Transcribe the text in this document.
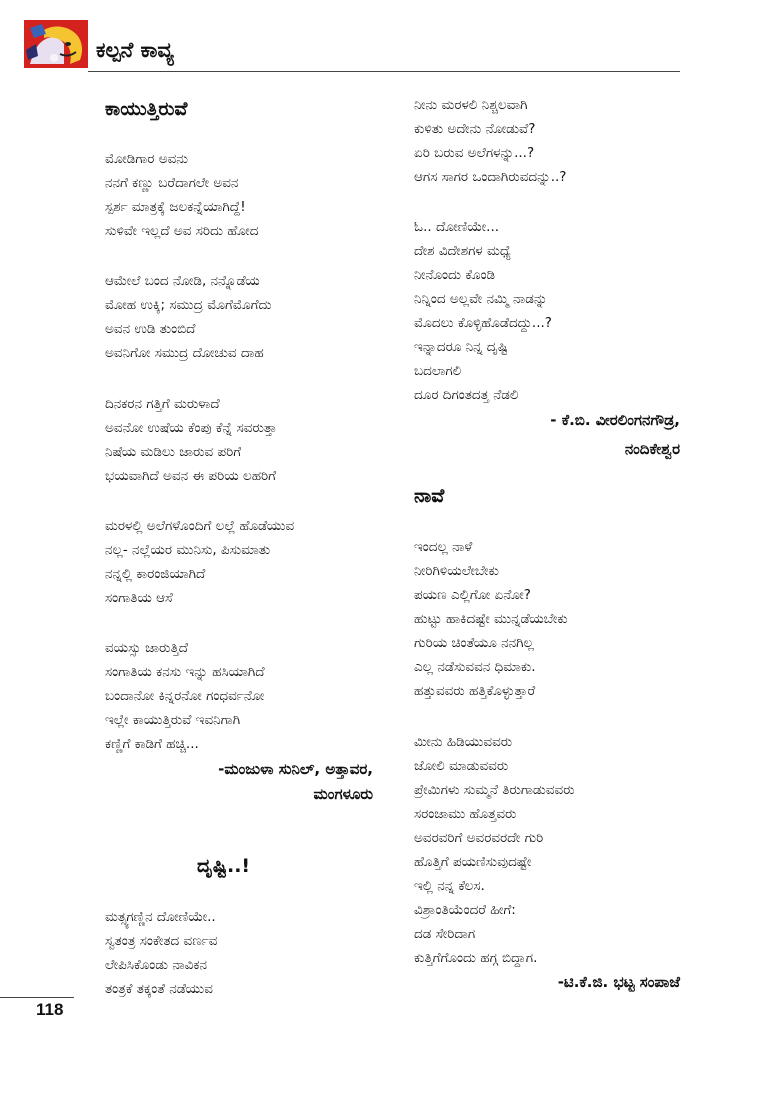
ಕಲ್ಪನೆ ಕಾವ್ಯ
ಕಾಯುತ್ತಿರುವೆ
ಮೋಡಿಗಾರ ಅವನು
ನನಗೆ ಕಣ್ಣು ಬರೆದಾಗಲೇ ಅವನ
ಸ್ಪರ್ಶ ಮಾತ್ರಕ್ಕೆ ಜಲಕನ್ನೆಯಾಗಿದ್ದೆ!
ಸುಳಿವೇ ಇಲ್ಲದೆ ಅವ ಸರಿದು ಹೋದ
ಆಮೇಲೆ ಬಂದ ನೋಡಿ, ನನ್ನೊಡೆಯ
ಮೋಹ ಉಕ್ಕಿ; ಸಮುದ್ರ ಮೊಗೆಮೊಗೆದು
ಅವನ ಉಡಿ ತುಂಬಿದೆ
ಅವನಿಗೋ ಸಮುದ್ರ ದೋಚುವ ದಾಹ
ದಿನಕರನ ಗತ್ತಿಗೆ ಮರುಳಾದೆ
ಅವನೋ ಉಷೆಯ ಕೆಂಪು ಕೆನ್ನೆ ಸವರುತ್ತಾ
ನಿಷೆಯ ಮಡಿಲು ಜಾರುವ ಪರಿಗೆ
ಭಯವಾಗಿದೆ ಅವನ ಈ ಪರಿಯ ಲಹರಿಗೆ
ಮರಳಲ್ಲಿ ಅಲೆಗಳೊಂದಿಗೆ ಲಲ್ಲೆ ಹೊಡೆಯುವ
ನಲ್ಲ- ನಲ್ಲೆಯರ ಮುನಿಸು, ಪಿಸುಮಾತು
ನನ್ನಲ್ಲಿ ಕಾರಂಜಿಯಾಗಿದೆ
ಸಂಗಾತಿಯ ಆಸೆ
ವಯಸ್ಸು ಜಾರುತ್ತಿದೆ
ಸಂಗಾತಿಯ ಕನಸು ಇನ್ನು ಹಸಿಯಾಗಿದೆ
ಬಂದಾನೋ ಕಿನ್ನರನೋ ಗಂಧರ್ವನೋ
ಇಲ್ಲೇ ಕಾಯುತ್ತಿರುವೆ ಇವನಿಗಾಗಿ
ಕಣ್ಣಿಗೆ ಕಾಡಿಗೆ ಹಚ್ಚಿ...
-ಮಂಜುಳಾ ಸುನಿಲ್, ಅತ್ತಾವರ,
ಮಂಗಳೂರು
ದೃಷ್ಟಿ..!
ಮತ್ಸ್ಯಗಣ್ಣಿನ ದೋಣಿಯೇ..
ಸ್ವತಂತ್ರ ಸಂಕೇತದ ವರ್ಣವ
ಲೇಪಿಸಿಕೊಂಡು ನಾವಿಕನ
ತಂತ್ರಕೆ ತಕ್ಕಂತೆ ನಡೆಯುವ
ನೀನು ಮರಳಲಿ ನಿಶ್ಚಲವಾಗಿ
ಕುಳಿತು ಅದೇನು ನೋಡುವೆ?
ಏರಿ ಬರುವ ಅಲೆಗಳನ್ನು...?
ಆಗಸ ಸಾಗರ ಒಂದಾಗಿರುವದನ್ನು..?
ಓ.. ದೋಣಿಯೇ...
ದೇಶ ವಿದೇಶಗಳ ಮಧ್ಯೆ
ನೀನೊಂದು ಕೊಂಡಿ
ನಿನ್ನಿಂದ ಅಲ್ಲವೇ ನಮ್ಮಿ ನಾಡನ್ನು
ಮೊದಲು ಕೊಳ್ಳಿಹೊಡೆದದ್ದು...?
ಇನ್ನಾದರೂ ನಿನ್ನ ದೃಷ್ಟಿ
ಬದಲಾಗಲಿ
ದೂರ ದಿಗಂತದತ್ತ ನೆಡಲಿ
- ಕೆ.ಬಿ. ವೀರಲಿಂಗನಗೌಡ್ರ,
ನಂದಿಕೇಶ್ವರ
ನಾವೆ
ಇಂದಲ್ಲ ನಾಳೆ
ನೀರಿಗಿಳಿಯಲೇಬೇಕು
ಪಯಣ ಎಲ್ಲಿಗೋ ಏನೋ?
ಹುಟ್ಟು ಹಾಕಿದಷ್ಟೇ ಮುನ್ನಡೆಯಬೇಕು
ಗುರಿಯ ಚಿಂತೆಯೂ ನನಗಿಲ್ಲ
ಎಲ್ಲ ನಡೆಸುವವನ ಧಿಮಾಕು.
ಹತ್ತುವವರು ಹತ್ತಿಕೊಳ್ಳುತ್ತಾರೆ
ಮೀನು ಹಿಡಿಯುವವರು
ಜೋಲಿ ಮಾಡುವವರು
ಪ್ರೇಮಿಗಳು ಸುಮ್ಮನೆ ತಿರುಗಾಡುವವರು
ಸರಂಜಾಮು ಹೊತ್ತವರು
ಅವರವರಿಗೆ ಅವರವರದೇ ಗುರಿ
ಹೊತ್ತಿಗೆ ಪಯಣಿಸುವುದಷ್ಟೇ
ಇಲ್ಲಿ ನನ್ನ ಕೆಲಸ.
ವಿಶ್ರಾಂತಿಯೆಂದರೆ ಹೀಗೆ:
ದಡ ಸೇರಿದಾಗ
ಕುತ್ತಿಗೆಗೊಂದು ಹಗ್ಗ ಬಿದ್ದಾಗ.
-ಟಿ.ಕೆ.ಜಿ. ಭಟ್ಟ ಸಂಪಾಜೆ
118
